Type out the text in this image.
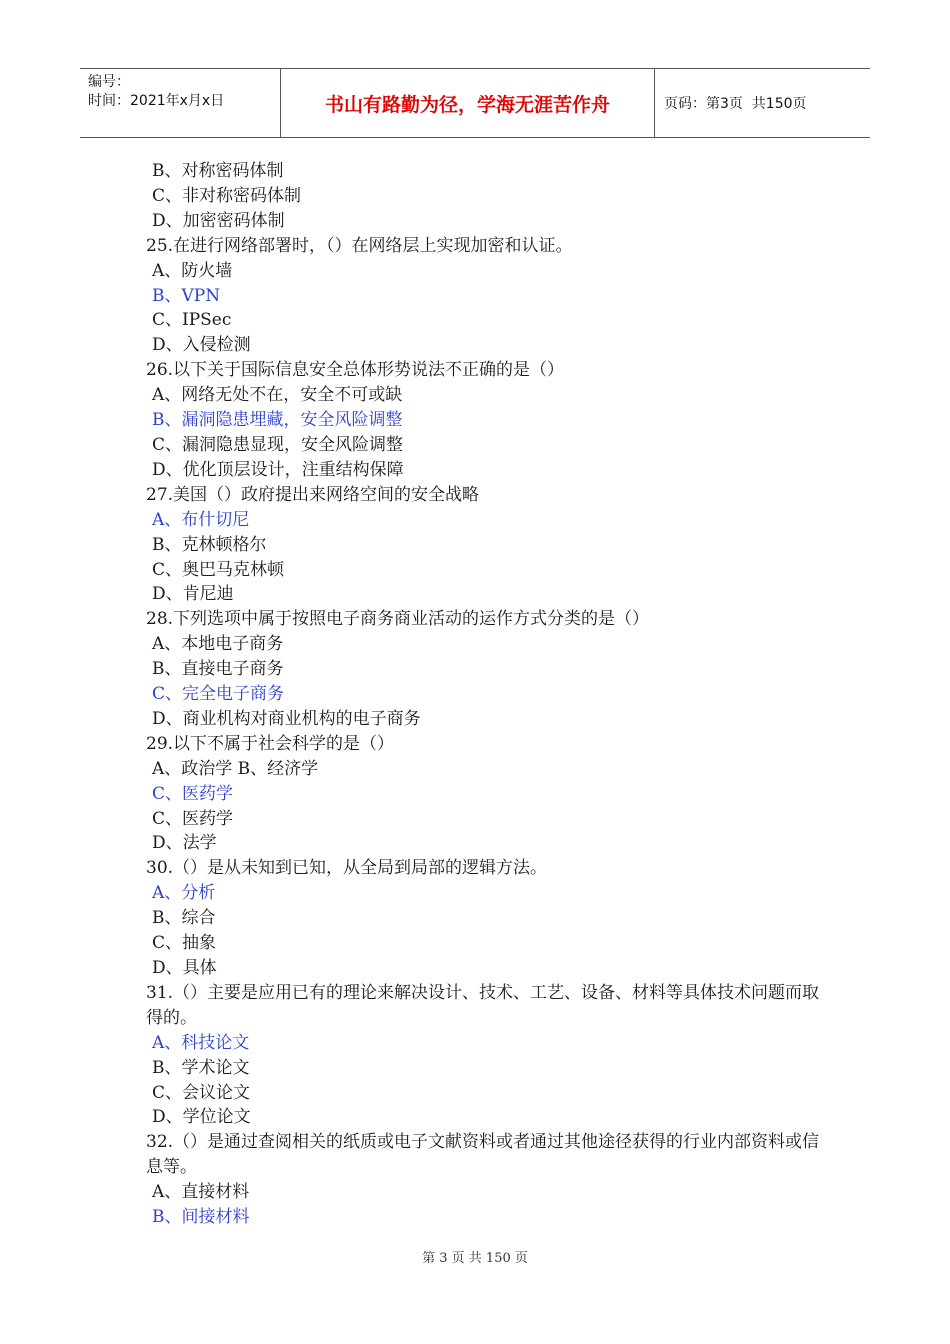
编号：
时间：2021年x月x日	书山有路勤为径，学海无涯苦作舟	页码：第3页  共150页
B、对称密码体制
C、非对称密码体制
D、加密密码体制
25.在进行网络部署时，（）在网络层上实现加密和认证。
A、防火墙
B、VPN
C、IPSec
D、入侵检测
26.以下关于国际信息安全总体形势说法不正确的是（）
A、网络无处不在，安全不可或缺
B、漏洞隐患埋藏，安全风险调整
C、漏洞隐患显现，安全风险调整
D、优化顶层设计，注重结构保障
27.美国（）政府提出来网络空间的安全战略
A、布什切尼
B、克林顿格尔
C、奥巴马克林顿
D、肯尼迪
28.下列选项中属于按照电子商务商业活动的运作方式分类的是（）
A、本地电子商务
B、直接电子商务
C、完全电子商务
D、商业机构对商业机构的电子商务
29.以下不属于社会科学的是（）
A、政治学 B、经济学
C、医药学
C、医药学
D、法学
30.（）是从未知到已知，从全局到局部的逻辑方法。
A、分析
B、综合
C、抽象
D、具体
31.（）主要是应用已有的理论来解决设计、技术、工艺、设备、材料等具体技术问题而取得的。
A、科技论文
B、学术论文
C、会议论文
D、学位论文
32.（）是通过查阅相关的纸质或电子文献资料或者通过其他途径获得的行业内部资料或信息等。
A、直接材料
B、间接材料
第 3 页 共 150 页
